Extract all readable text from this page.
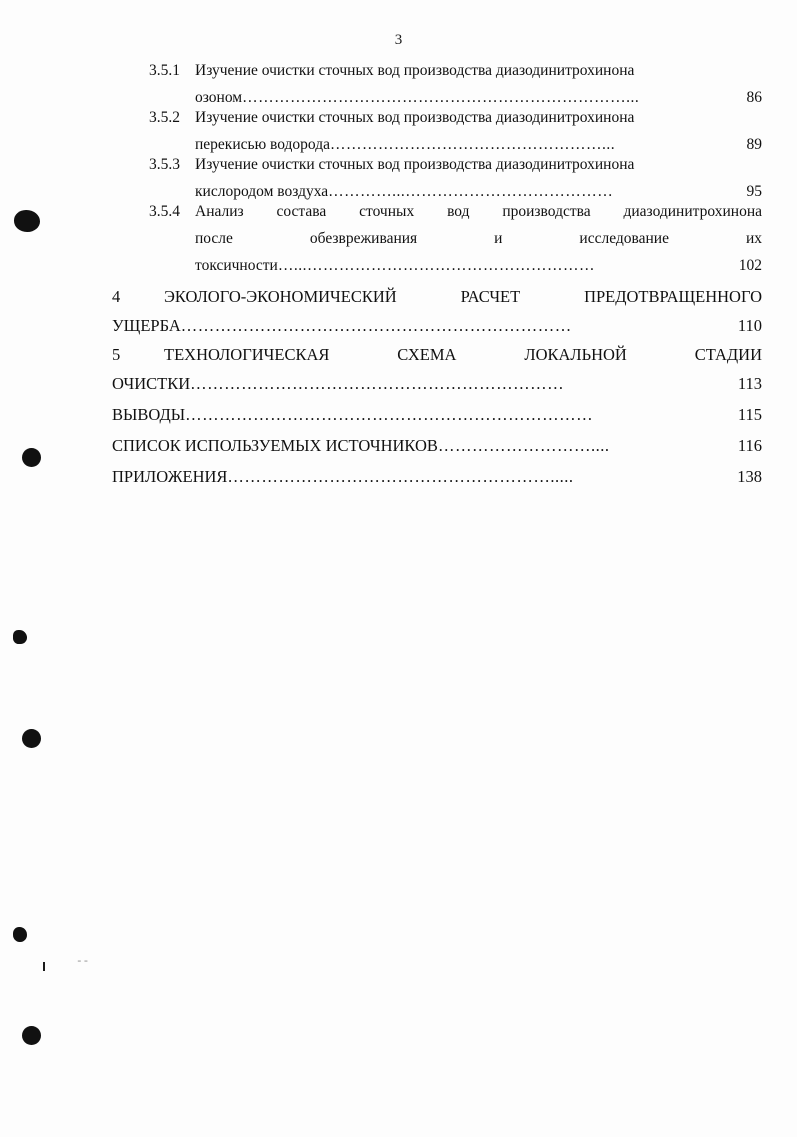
3
--
3.5.1 Изучение очистки сточных вод производства диазодинитрохинона
озоном ………………………………………………………………...	86
3.5.2 Изучение очистки сточных вод производства диазодинитрохинона
перекисью водорода ……………………………………………...	89
3.5.3 Изучение очистки сточных вод производства диазодинитрохинона
кислородом воздуха …………...…………………………………	95
3.5.4 Анализ состава сточных вод производства диазодинитрохинона
после обезвреживания и исследование их
токсичности …...………………………………………………	102
4	ЭКОЛОГО-ЭКОНОМИЧЕСКИЙ РАСЧЕТ ПРЕДОТВРАЩЕННОГО
УЩЕРБА ……………………………………………………………	110
5	ТЕХНОЛОГИЧЕСКАЯ СХЕМА ЛОКАЛЬНОЙ СТАДИИ
ОЧИСТКИ …………………………………………………………	113
ВЫВОДЫ ………………………………………………………………	115
СПИСОК ИСПОЛЬЗУЕМЫХ ИСТОЧНИКОВ ………………………....	116
ПРИЛОЖЕНИЯ ………………………………………………….....	138
